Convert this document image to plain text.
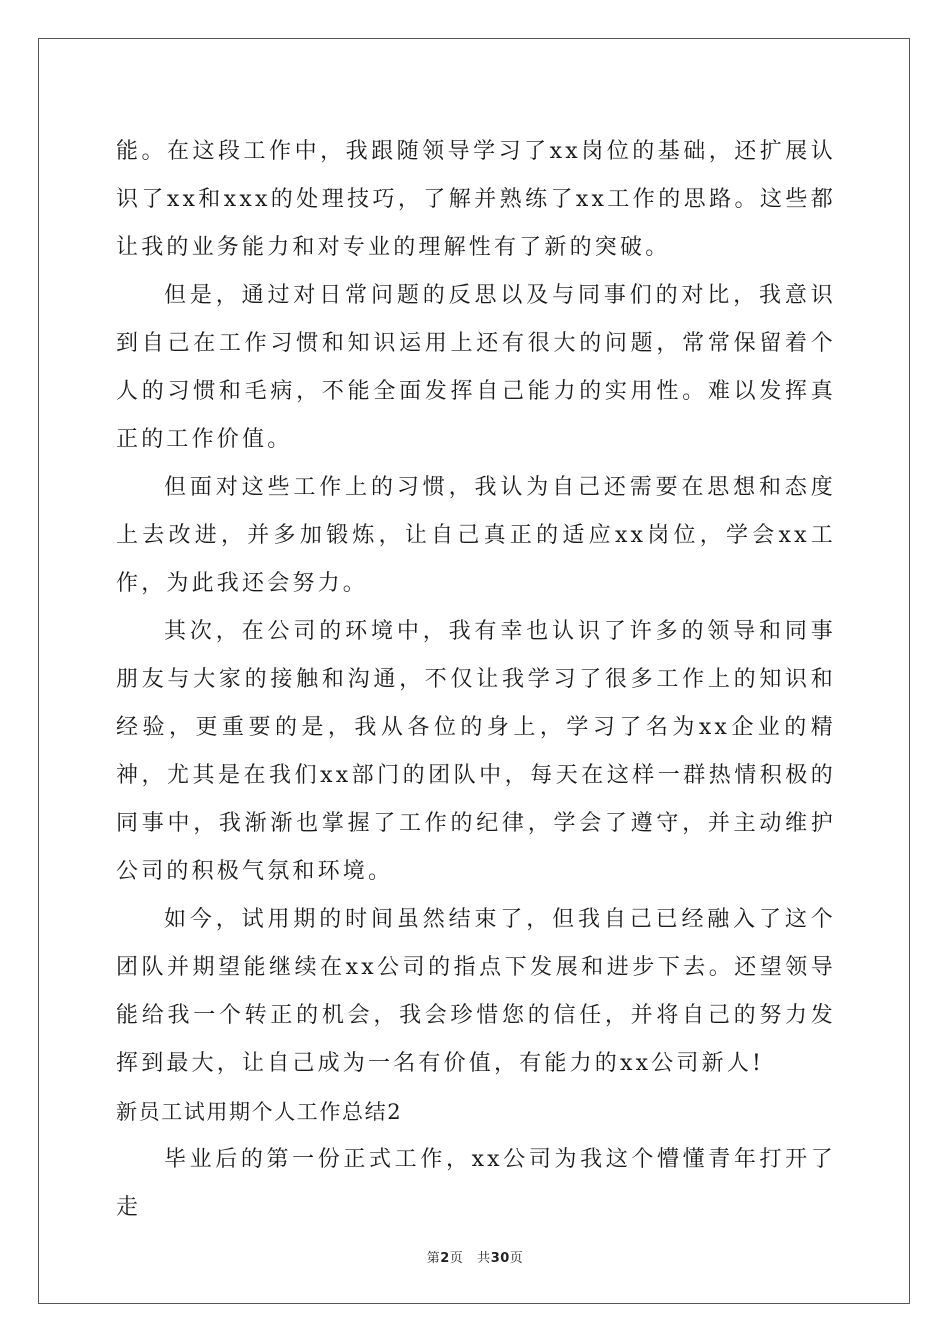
能。在这段工作中，我跟随领导学习了xx岗位的基础，还扩展认识了xx和xxx的处理技巧，了解并熟练了xx工作的思路。这些都让我的业务能力和对专业的理解性有了新的突破。

但是，通过对日常问题的反思以及与同事们的对比，我意识到自己在工作习惯和知识运用上还有很大的问题，常常保留着个人的习惯和毛病，不能全面发挥自己能力的实用性。难以发挥真正的工作价值。

但面对这些工作上的习惯，我认为自己还需要在思想和态度上去改进，并多加锻炼，让自己真正的适应xx岗位，学会xx工作，为此我还会努力。

其次，在公司的环境中，我有幸也认识了许多的领导和同事朋友与大家的接触和沟通，不仅让我学习了很多工作上的知识和经验，更重要的是，我从各位的身上，学习了名为xx企业的精神，尤其是在我们xx部门的团队中，每天在这样一群热情积极的同事中，我渐渐也掌握了工作的纪律，学会了遵守，并主动维护公司的积极气氛和环境。

如今，试用期的时间虽然结束了，但我自己已经融入了这个团队并期望能继续在xx公司的指点下发展和进步下去。还望领导能给我一个转正的机会，我会珍惜您的信任，并将自己的努力发挥到最大，让自己成为一名有价值，有能力的xx公司新人!

新员工试用期个人工作总结2

毕业后的第一份正式工作，xx公司为我这个懵懂青年打开了走

第2页 共30页
